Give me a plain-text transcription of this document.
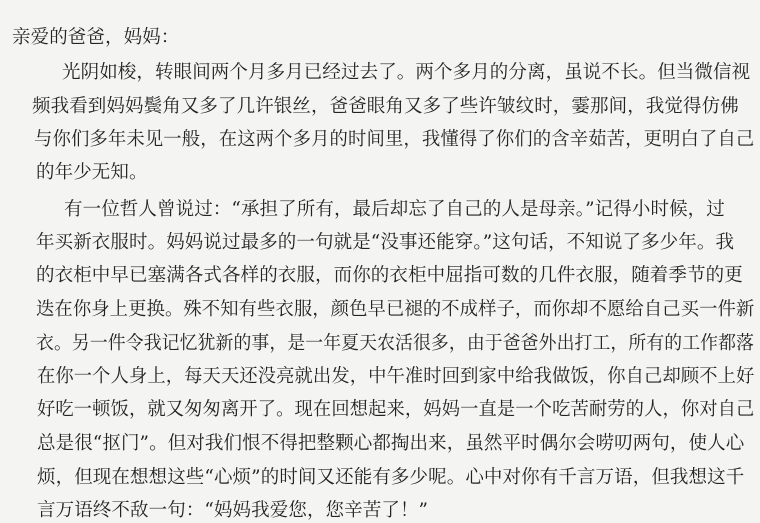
亲爱的爸爸，妈妈：
光阴如梭，转眼间两个月多月已经过去了。两个多月的分离，虽说不长。但当微信视
频我看到妈妈鬓角又多了几许银丝，爸爸眼角又多了些许皱纹时，霎那间，我觉得仿佛
与你们多年未见一般，在这两个多月的时间里，我懂得了你们的含辛茹苦，更明白了自己
的年少无知。
有一位哲人曾说过：“承担了所有，最后却忘了自己的人是母亲。”记得小时候，过
年买新衣服时。妈妈说过最多的一句就是“没事还能穿。”这句话，不知说了多少年。我
的衣柜中早已塞满各式各样的衣服，而你的衣柜中屈指可数的几件衣服，随着季节的更
迭在你身上更换。殊不知有些衣服，颜色早已褪的不成样子，而你却不愿给自己买一件新
衣。另一件令我记忆犹新的事，是一年夏天农活很多，由于爸爸外出打工，所有的工作都落
在你一个人身上，每天天还没亮就出发，中午准时回到家中给我做饭，你自己却顾不上好
好吃一顿饭，就又匆匆离开了。现在回想起来，妈妈一直是一个吃苦耐劳的人，你对自己
总是很“抠门”。但对我们恨不得把整颗心都掏出来，虽然平时偶尔会唠叨两句，使人心
烦，但现在想想这些“心烦”的时间又还能有多少呢。心中对你有千言万语，但我想这千
言万语终不敌一句：“妈妈我爱您，您辛苦了！”
